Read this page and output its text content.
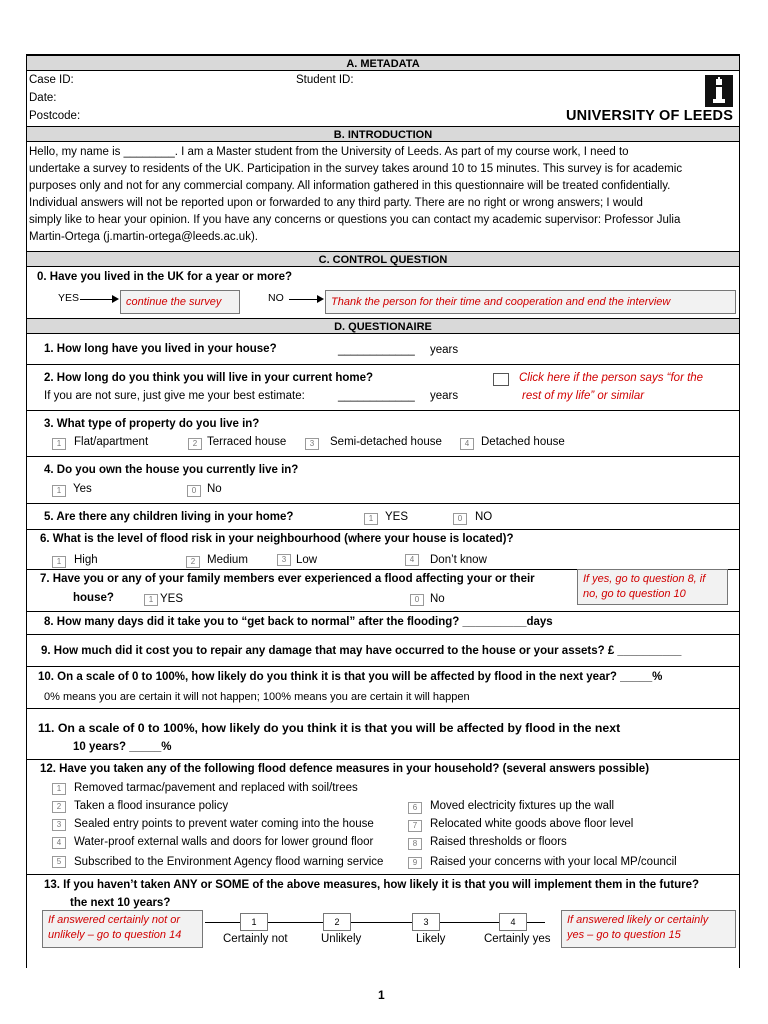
A. METADATA
Case ID:	Student ID:
Date:
Postcode:	UNIVERSITY OF LEEDS
B. INTRODUCTION
Hello, my name is ________. I am a Master student from the University of Leeds. As part of my course work, I need to
undertake a survey to residents of the UK. Participation in the survey takes around 10 to 15 minutes. This survey is for academic
purposes only and not for any commercial company. All information gathered in this questionnaire will be treated confidentially.
Individual answers will not be reported upon or forwarded to any third party. There are no right or wrong answers; I would
simply like to hear your opinion. If you have any concerns or questions you can contact my academic supervisor: Professor Julia
Martin-Ortega (j.martin-ortega@leeds.ac.uk).
C. CONTROL QUESTION
0. Have you lived in the UK for a year or more?
YES	continue the survey	NO	Thank the person for their time and cooperation and end the interview
D. QUESTIONAIRE
1. How long have you lived in your house?	____________ years
2. How long do you think you will live in your current home?
If you are not sure, just give me your best estimate:	____________ years
Click here if the person says “for the
rest of my life” or similar
3. What type of property do you live in?
1	Flat/apartment	2 Terraced house	3	Semi-detached house	4	Detached house
4. Do you own the house you currently live in?
1	Yes	0 No
5. Are there any children living in your home?	1	YES	0	NO
6. What is the level of flood risk in your neighbourhood (where your house is located)?
1	High	2	Medium	3 Low	4	Don’t know
7. Have you or any of your family members ever experienced a flood affecting your or their
house?	1 YES	0 No
If yes, go to question 8, if
no, go to question 10
8. How many days did it take you to “get back to normal” after the flooding? __________days
9. How much did it cost you to repair any damage that may have occurred to the house or your assets? £ __________
10. On a scale of 0 to 100%, how likely do you think it is that you will be affected by flood in the next year? _____%
0% means you are certain it will not happen; 100% means you are certain it will happen
11. On a scale of 0 to 100%, how likely do you think it is that you will be affected by flood in the next
10 years? _____%
12. Have you taken any of the following flood defence measures in your household? (several answers possible)
1	Removed tarmac/pavement and replaced with soil/trees
2	Taken a flood insurance policy
3	Sealed entry points to prevent water coming into the house
4	Water-proof external walls and doors for lower ground floor
5	Subscribed to the Environment Agency flood warning service
6	Moved electricity fixtures up the wall
7	Relocated white goods above floor level
8	Raised thresholds or floors
9	Raised your concerns with your local MP/council
13. If you haven’t taken ANY or SOME of the above measures, how likely it is that you will implement them in the future?
the next 10 years?
If answered certainly not or
unlikely – go to question 14
If answered likely or certainly
yes – go to question 15
1	2	3	4
Certainly not	Unlikely	Likely	Certainly yes
1
